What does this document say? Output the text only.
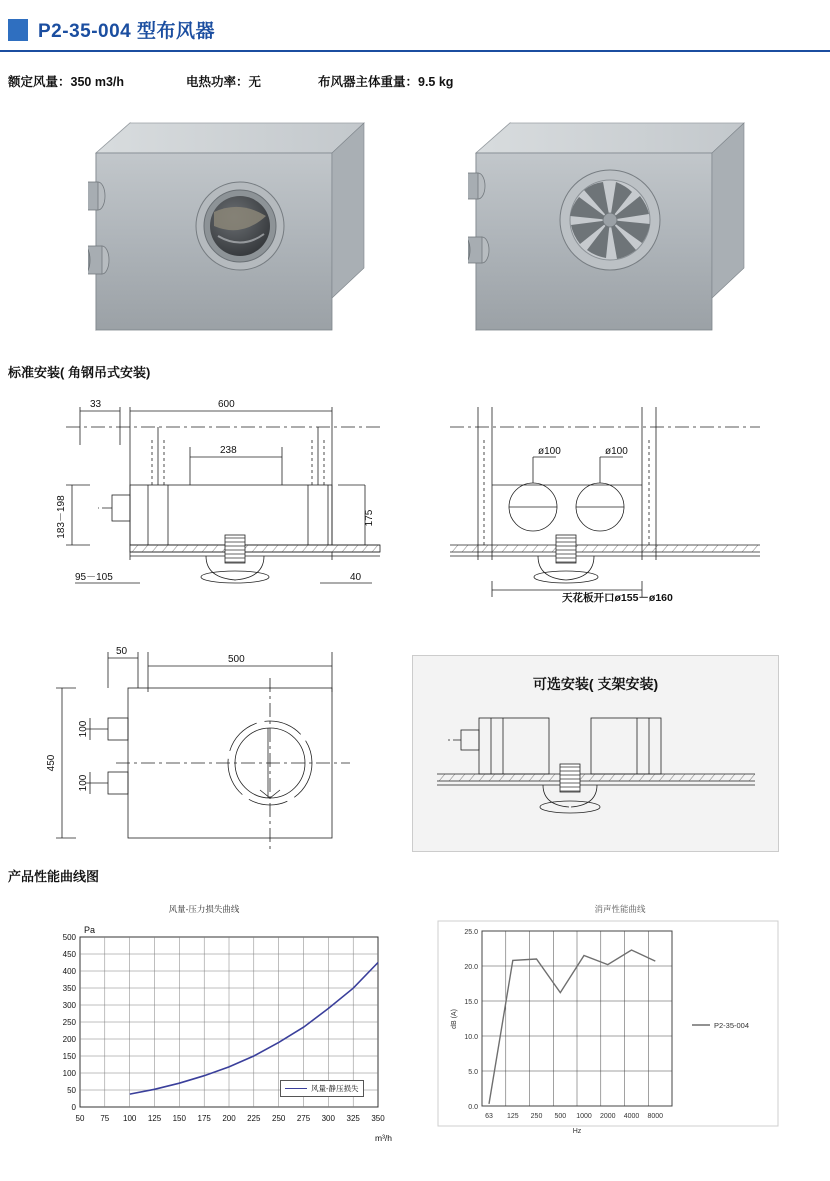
P2-35-004 型布风器
额定风量：350 m3/h	电热功率：无	布风器主体重量：9.5 kg
标准安装( 角钢吊式安装)
33	600
238
175
183－198
95－105	40
ø100	ø100
天花板开口ø155－ø160
50
500
450
100
100
可选安装( 支架安装)
产品性能曲线图
风量-压力损失曲线
Pa
500
450
400
350
300
250
200
150
100
50
0
50 75 100 125 150 175 200 225 250 275 300 325 350
m³/h
风量-静压损失
消声性能曲线
25.0
20.0
15.0
10.0
5.0
0.0
dB (A)
63 125 250 500 1000 2000 4000 8000
Hz
P2-35-004
